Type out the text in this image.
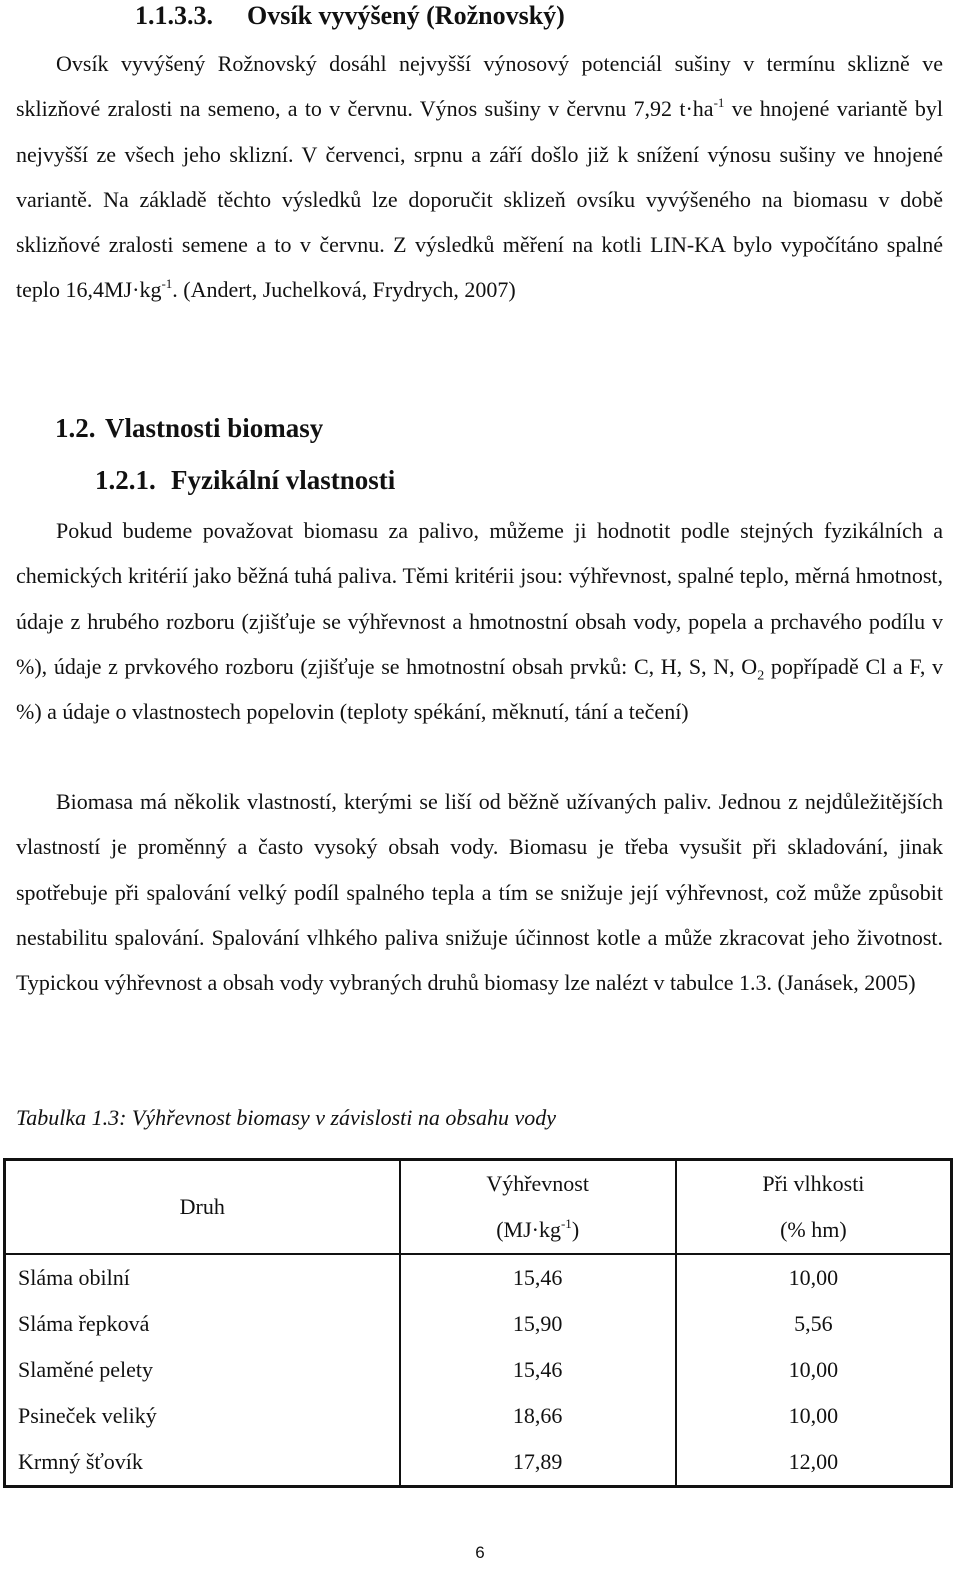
1.1.3.3. Ovsík vyvýšený (Rožnovský)
Ovsík vyvýšený Rožnovský dosáhl nejvyšší výnosový potenciál sušiny v termínu sklizně ve sklizňové zralosti na semeno, a to v červnu. Výnos sušiny v červnu 7,92 $t\cdot ha^{-1}$ ve hnojené variantě byl nejvyšší ze všech jeho sklizní. V červenci, srpnu a září došlo již k snížení výnosu sušiny ve hnojené variantě. Na základě těchto výsledků lze doporučit sklizeň ovsíku vyvýšeného na biomasu v době sklizňové zralosti semene a to v červnu. Z výsledků měření na kotli LIN-KA bylo vypočítáno spalné teplo $16,4MJ\cdot kg^{-1}$. (Andert, Juchelková, Frydrych, 2007)
1.2. Vlastnosti biomasy
1.2.1. Fyzikální vlastnosti
Pokud budeme považovat biomasu za palivo, můžeme ji hodnotit podle stejných fyzikálních a chemických kritérií jako běžná tuhá paliva. Těmi kritérii jsou: výhřevnost, spalné teplo, měrná hmotnost, údaje z hrubého rozboru (zjišťuje se výhřevnost a hmotnostní obsah vody, popela a prchavého podílu v %), údaje z prvkového rozboru (zjišťuje se hmotnostní obsah prvků: C, H, S, N, $O_2$ popřípadě Cl a F, v %) a údaje o vlastnostech popelovin (teploty spékání, měknutí, tání a tečení)
Biomasa má několik vlastností, kterými se liší od běžně užívaných paliv. Jednou z nejdůležitějších vlastností je proměnný a často vysoký obsah vody. Biomasu je třeba vysušit při skladování, jinak spotřebuje při spalování velký podíl spalného tepla a tím se snižuje její výhřevnost, což může způsobit nestabilitu spalování. Spalování vlhkého paliva snižuje účinnost kotle a může zkracovat jeho životnost. Typickou výhřevnost a obsah vody vybraných druhů biomasy lze nalézt v tabulce 1.3. (Janásek, 2005)
Tabulka 1.3: Výhřevnost biomasy v závislosti na obsahu vody
Druh	Výhřevnost	Při vlhkosti
	$(MJ\cdot kg^{-1})$	(% hm)
Sláma obilní	15,46	10,00
Sláma řepková	15,90	5,56
Slaměné pelety	15,46	10,00
Psineček veliký	18,66	10,00
Krmný šťovík	17,89	12,00
6
